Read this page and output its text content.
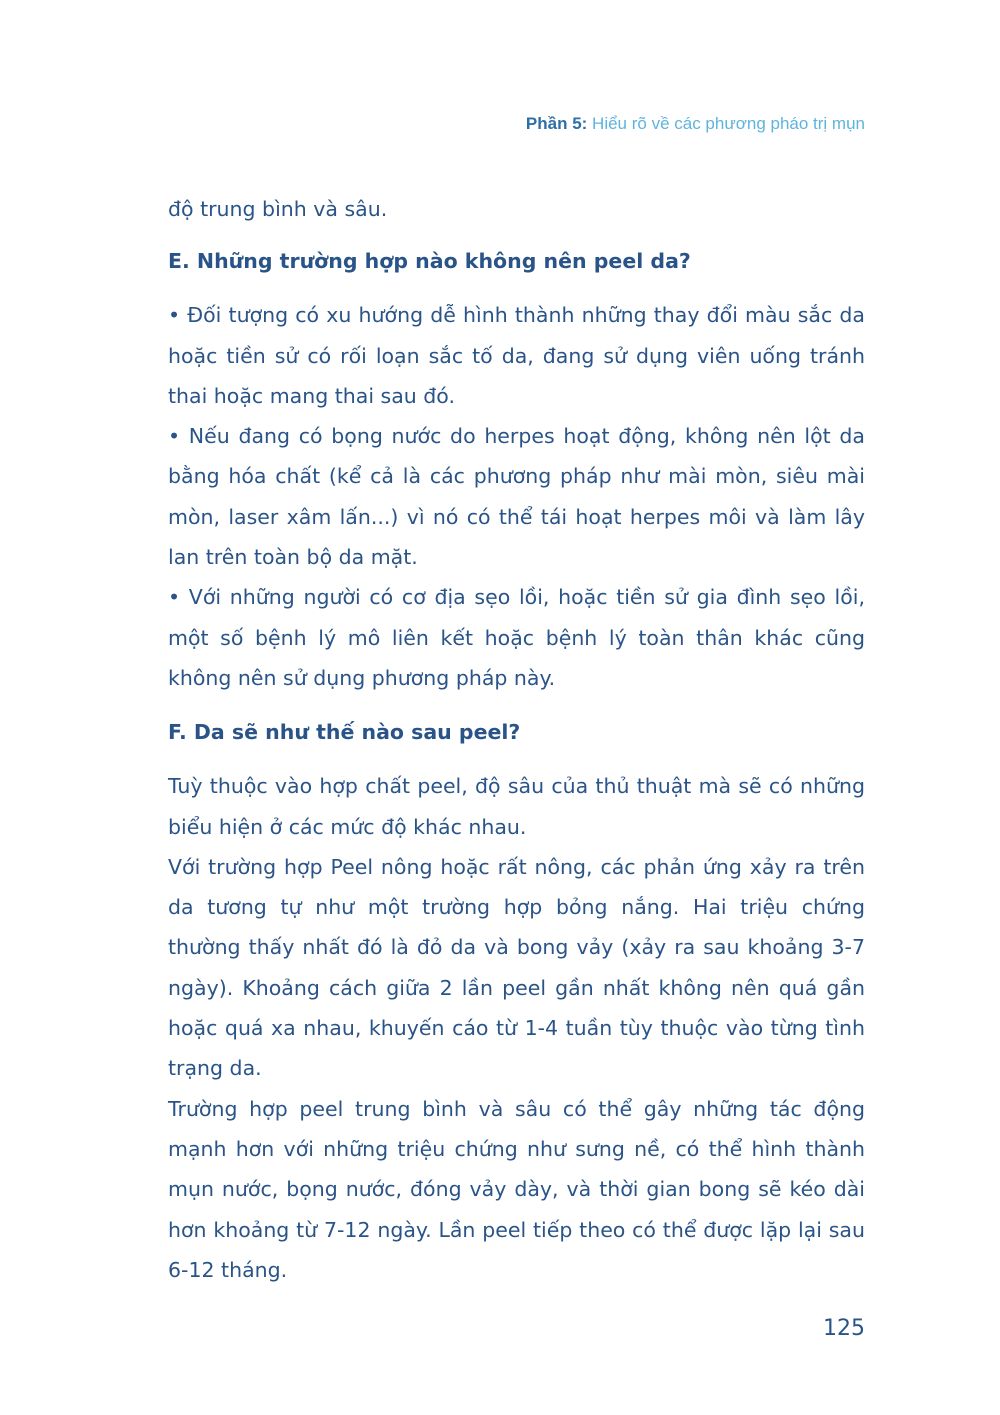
Phần 5: Hiểu rõ về các phương pháo trị mụn

độ trung bình và sâu.

E. Những trường hợp nào không nên peel da?

• Đối tượng có xu hướng dễ hình thành những thay đổi màu sắc da hoặc tiền sử có rối loạn sắc tố da, đang sử dụng viên uống tránh thai hoặc mang thai sau đó.

• Nếu đang có bọng nước do herpes hoạt động, không nên lột da bằng hóa chất (kể cả là các phương pháp như mài mòn, siêu mài mòn, laser xâm lấn...) vì nó có thể tái hoạt herpes môi và làm lây lan trên toàn bộ da mặt.

• Với những người có cơ địa sẹo lồi, hoặc tiền sử gia đình sẹo lồi, một số bệnh lý mô liên kết hoặc bệnh lý toàn thân khác cũng không nên sử dụng phương pháp này.

F. Da sẽ như thế nào sau peel?

Tuỳ thuộc vào hợp chất peel, độ sâu của thủ thuật mà sẽ có những biểu hiện ở các mức độ khác nhau.

Với trường hợp Peel nông hoặc rất nông, các phản ứng xảy ra trên da tương tự như một trường hợp bỏng nắng. Hai triệu chứng thường thấy nhất đó là đỏ da và bong vảy (xảy ra sau khoảng 3-7 ngày). Khoảng cách giữa 2 lần peel gần nhất không nên quá gần hoặc quá xa nhau, khuyến cáo từ 1-4 tuần tùy thuộc vào từng tình trạng da.

Trường hợp peel trung bình và sâu có thể gây những tác động mạnh hơn với những triệu chứng như sưng nề, có thể hình thành mụn nước, bọng nước, đóng vảy dày, và thời gian bong sẽ kéo dài hơn khoảng từ 7-12 ngày. Lần peel tiếp theo có thể được lặp lại sau 6-12 tháng.

125
